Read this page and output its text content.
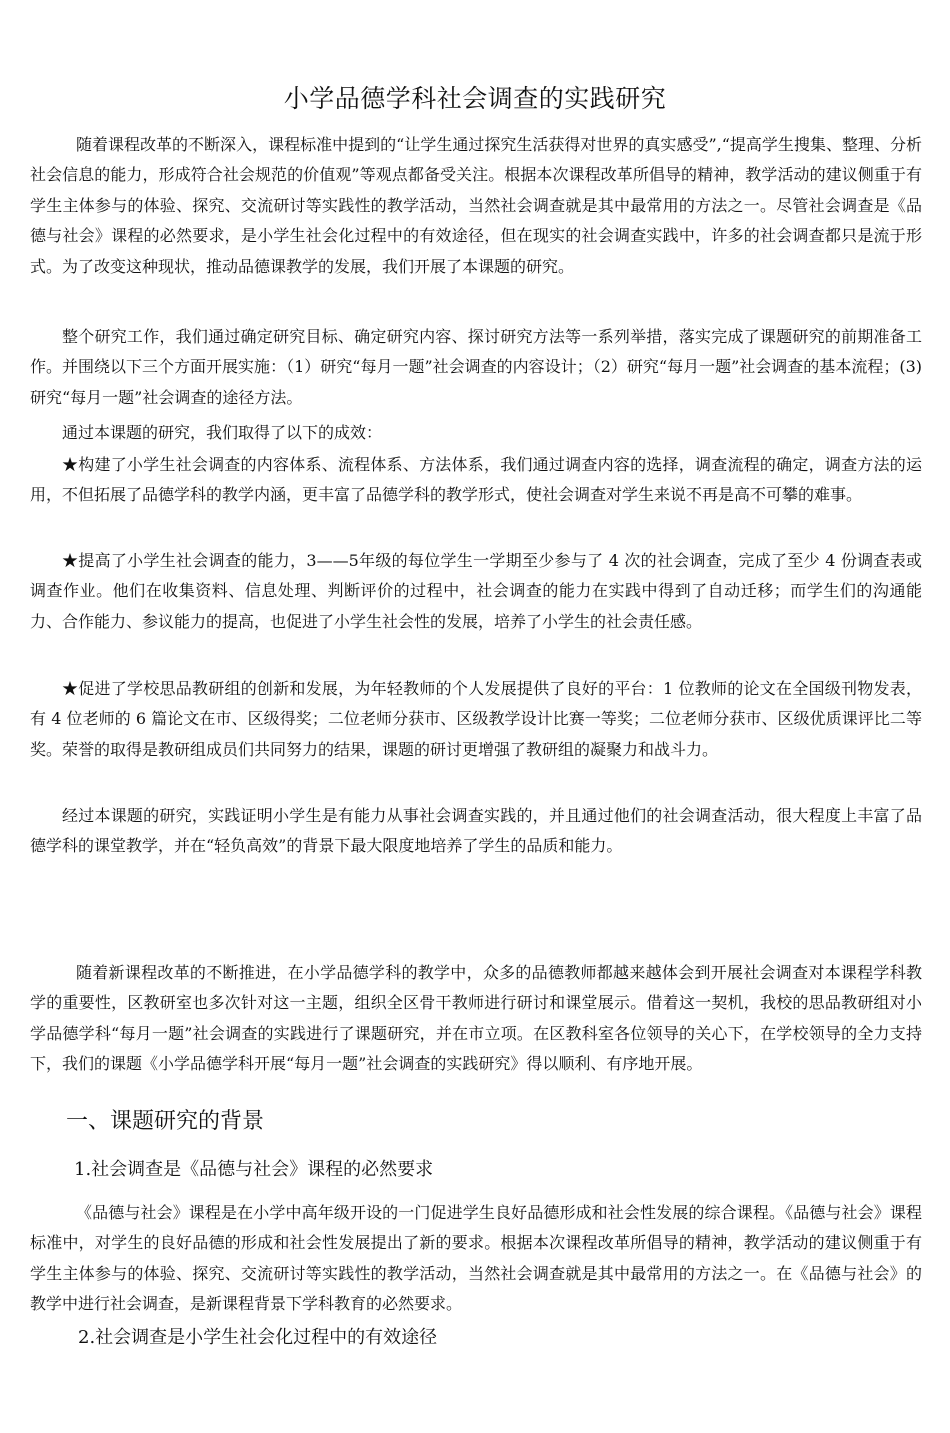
小学品德学科社会调查的实践研究

随着课程改革的不断深入，课程标准中提到的“让学生通过探究生活获得对世界的真实感受”,“提高学生搜集、整理、分析社会信息的能力，形成符合社会规范的价值观”等观点都备受关注。根据本次课程改革所倡导的精神，教学活动的建议侧重于有学生主体参与的体验、探究、交流研讨等实践性的教学活动，当然社会调查就是其中最常用的方法之一。尽管社会调查是《品德与社会》课程的必然要求，是小学生社会化过程中的有效途径，但在现实的社会调查实践中，许多的社会调查都只是流于形式。为了改变这种现状，推动品德课教学的发展，我们开展了本课题的研究。

整个研究工作，我们通过确定研究目标、确定研究内容、探讨研究方法等一系列举措，落实完成了课题研究的前期准备工作。并围绕以下三个方面开展实施：（1）研究“每月一题”社会调查的内容设计；（2）研究“每月一题”社会调查的基本流程；(3)研究“每月一题”社会调查的途径方法。

通过本课题的研究，我们取得了以下的成效：

★构建了小学生社会调查的内容体系、流程体系、方法体系，我们通过调查内容的选择，调查流程的确定，调查方法的运用，不但拓展了品德学科的教学内涵，更丰富了品德学科的教学形式，使社会调查对学生来说不再是高不可攀的难事。

★提高了小学生社会调查的能力，3——5年级的每位学生一学期至少参与了 4 次的社会调查，完成了至少 4 份调查表或调查作业。他们在收集资料、信息处理、判断评价的过程中，社会调查的能力在实践中得到了自动迁移；而学生们的沟通能力、合作能力、参议能力的提高，也促进了小学生社会性的发展，培养了小学生的社会责任感。

★促进了学校思品教研组的创新和发展，为年轻教师的个人发展提供了良好的平台：1 位教师的论文在全国级刊物发表，有 4 位老师的 6 篇论文在市、区级得奖；二位老师分获市、区级教学设计比赛一等奖；二位老师分获市、区级优质课评比二等奖。荣誉的取得是教研组成员们共同努力的结果，课题的研讨更增强了教研组的凝聚力和战斗力。

经过本课题的研究，实践证明小学生是有能力从事社会调查实践的，并且通过他们的社会调查活动，很大程度上丰富了品德学科的课堂教学，并在“轻负高效”的背景下最大限度地培养了学生的品质和能力。

随着新课程改革的不断推进，在小学品德学科的教学中，众多的品德教师都越来越体会到开展社会调查对本课程学科教学的重要性，区教研室也多次针对这一主题，组织全区骨干教师进行研讨和课堂展示。借着这一契机，我校的思品教研组对小学品德学科“每月一题”社会调查的实践进行了课题研究，并在市立项。在区教科室各位领导的关心下，在学校领导的全力支持下，我们的课题《小学品德学科开展“每月一题”社会调查的实践研究》得以顺利、有序地开展。

一、课题研究的背景
1.社会调查是《品德与社会》课程的必然要求

《品德与社会》课程是在小学中高年级开设的一门促进学生良好品德形成和社会性发展的综合课程。《品德与社会》课程标准中，对学生的良好品德的形成和社会性发展提出了新的要求。根据本次课程改革所倡导的精神，教学活动的建议侧重于有学生主体参与的体验、探究、交流研讨等实践性的教学活动，当然社会调查就是其中最常用的方法之一。在《品德与社会》的教学中进行社会调查，是新课程背景下学科教育的必然要求。

2.社会调查是小学生社会化过程中的有效途径
